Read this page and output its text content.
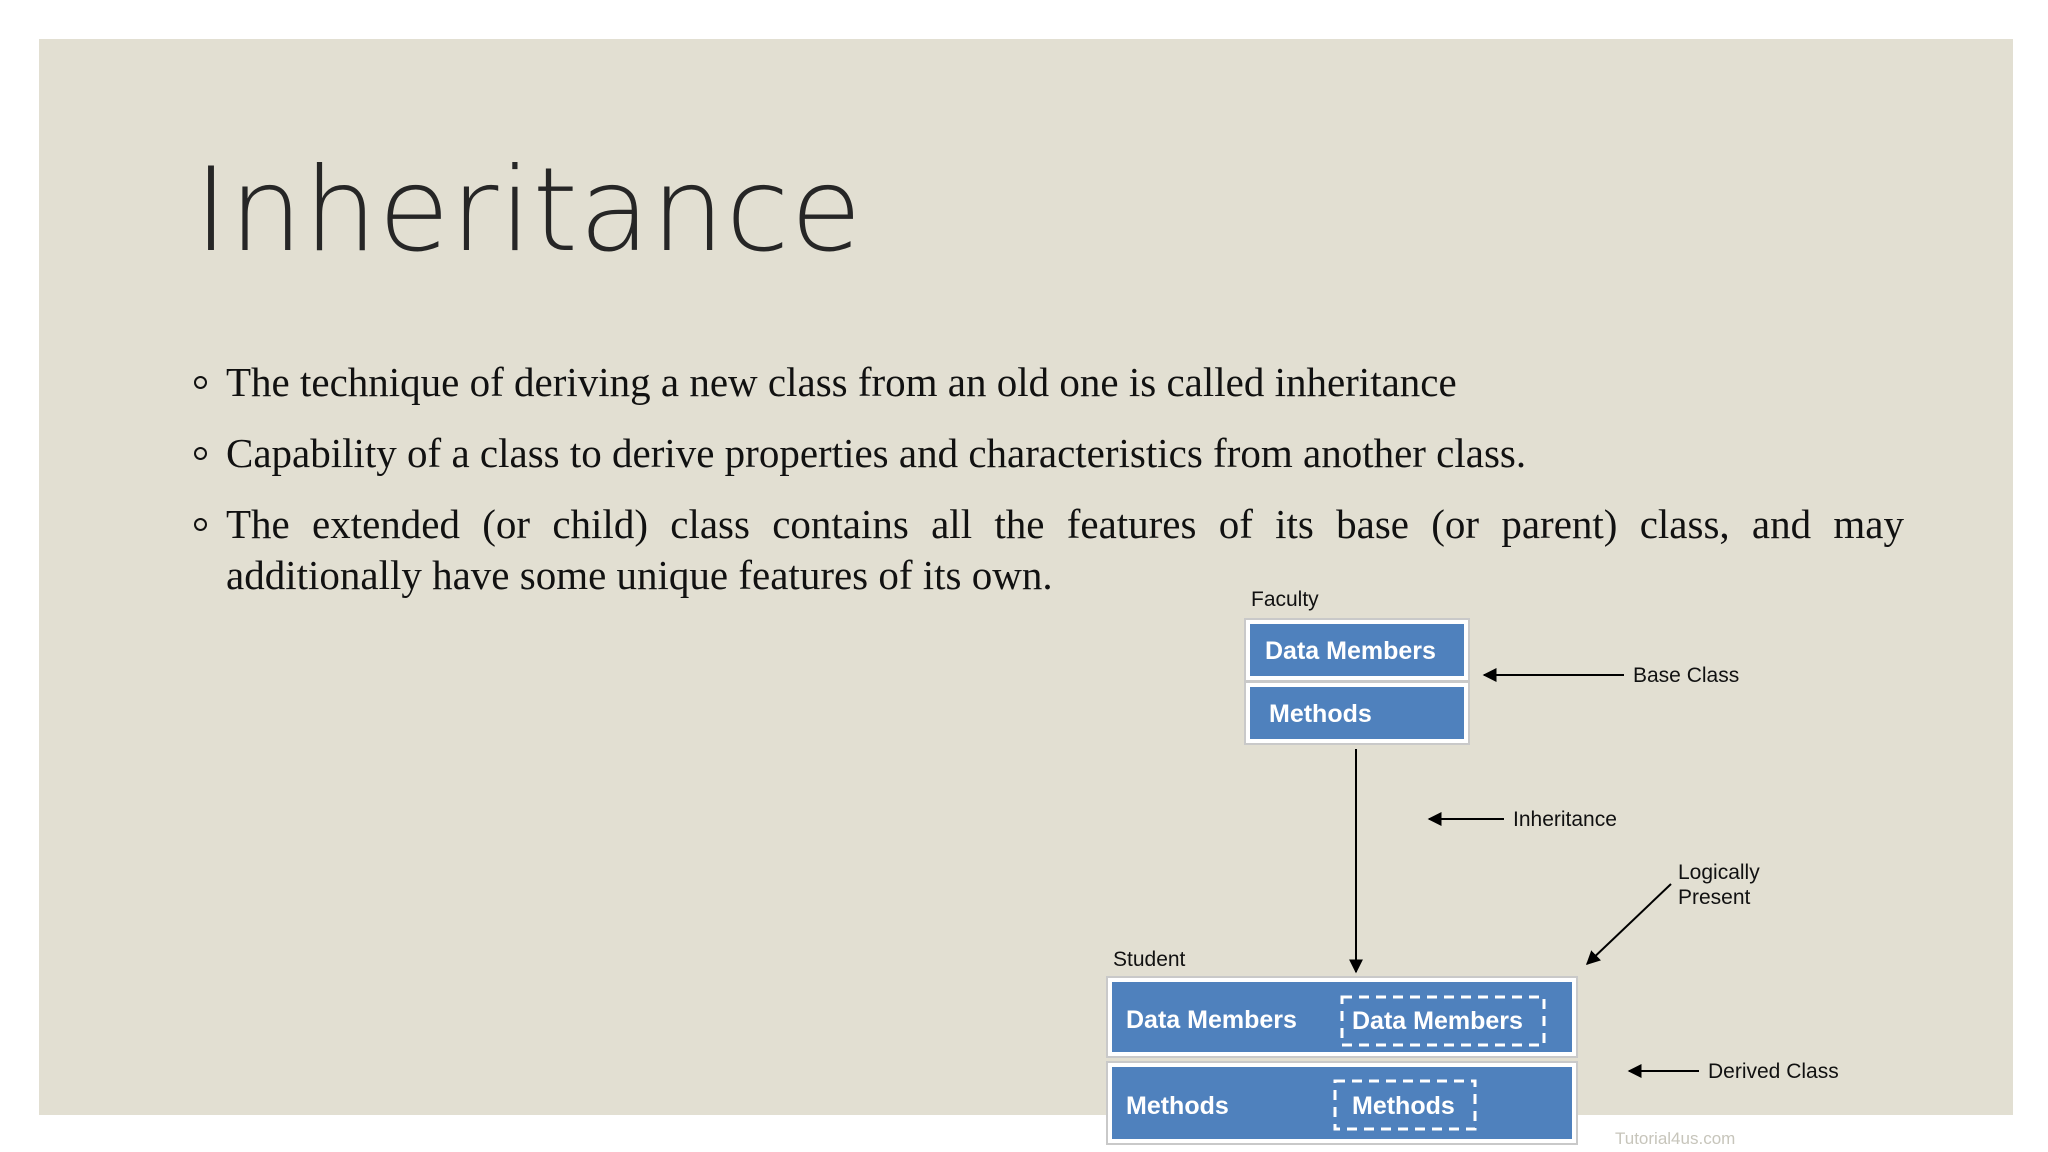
Inheritance
The technique of deriving a new class from an old one is called inheritance
Capability of a class to derive properties and characteristics from another class.
The extended (or child) class contains all the features of its base (or parent) class, and may additionally have some unique features of its own.
Faculty
Data Members
Methods
Base Class
Inheritance
Logically
Present
Student
Data Members
Methods
Data Members
Methods
Derived Class
Tutorial4us.com
